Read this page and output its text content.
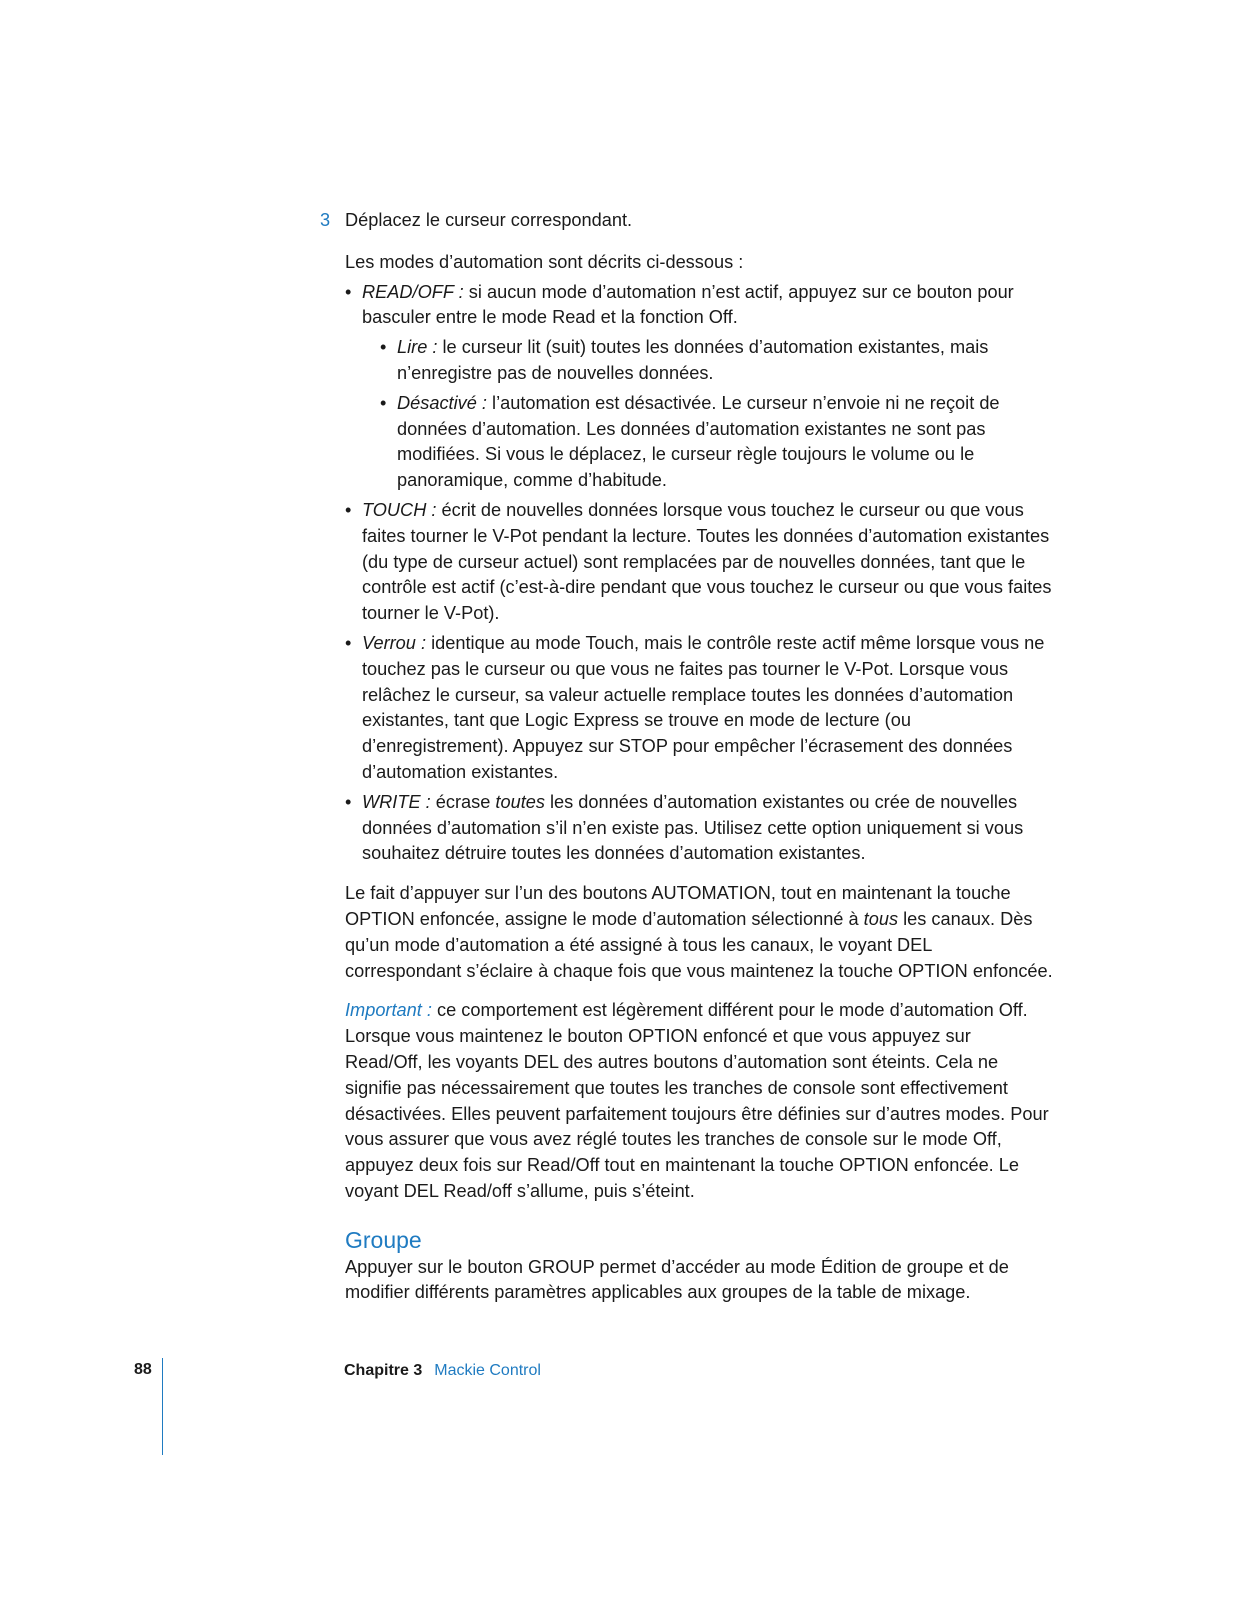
3 Déplacez le curseur correspondant.

Les modes d’automation sont décrits ci-dessous :

• READ/OFF : si aucun mode d’automation n’est actif, appuyez sur ce bouton pour basculer entre le mode Read et la fonction Off.
• Lire : le curseur lit (suit) toutes les données d’automation existantes, mais n’enregistre pas de nouvelles données.
• Désactivé : l’automation est désactivée. Le curseur n’envoie ni ne reçoit de données d’automation. Les données d’automation existantes ne sont pas modifiées. Si vous le déplacez, le curseur règle toujours le volume ou le panoramique, comme d’habitude.
• TOUCH : écrit de nouvelles données lorsque vous touchez le curseur ou que vous faites tourner le V-Pot pendant la lecture. Toutes les données d’automation existantes (du type de curseur actuel) sont remplacées par de nouvelles données, tant que le contrôle est actif (c’est-à-dire pendant que vous touchez le curseur ou que vous faites tourner le V-Pot).
• Verrou : identique au mode Touch, mais le contrôle reste actif même lorsque vous ne touchez pas le curseur ou que vous ne faites pas tourner le V-Pot. Lorsque vous relâchez le curseur, sa valeur actuelle remplace toutes les données d’automation existantes, tant que Logic Express se trouve en mode de lecture (ou d’enregistrement). Appuyez sur STOP pour empêcher l’écrasement des données d’automation existantes.
• WRITE : écrase toutes les données d’automation existantes ou crée de nouvelles données d’automation s’il n’en existe pas. Utilisez cette option uniquement si vous souhaitez détruire toutes les données d’automation existantes.

Le fait d’appuyer sur l’un des boutons AUTOMATION, tout en maintenant la touche OPTION enfoncée, assigne le mode d’automation sélectionné à tous les canaux. Dès qu’un mode d’automation a été assigné à tous les canaux, le voyant DEL correspondant s’éclaire à chaque fois que vous maintenez la touche OPTION enfoncée.

Important : ce comportement est légèrement différent pour le mode d’automation Off. Lorsque vous maintenez le bouton OPTION enfoncé et que vous appuyez sur Read/Off, les voyants DEL des autres boutons d’automation sont éteints. Cela ne signifie pas nécessairement que toutes les tranches de console sont effectivement désactivées. Elles peuvent parfaitement toujours être définies sur d’autres modes. Pour vous assurer que vous avez réglé toutes les tranches de console sur le mode Off, appuyez deux fois sur Read/Off tout en maintenant la touche OPTION enfoncée. Le voyant DEL Read/off s’allume, puis s’éteint.

Groupe

Appuyer sur le bouton GROUP permet d’accéder au mode Édition de groupe et de modifier différents paramètres applicables aux groupes de la table de mixage.

88	Chapitre 3 Mackie Control
